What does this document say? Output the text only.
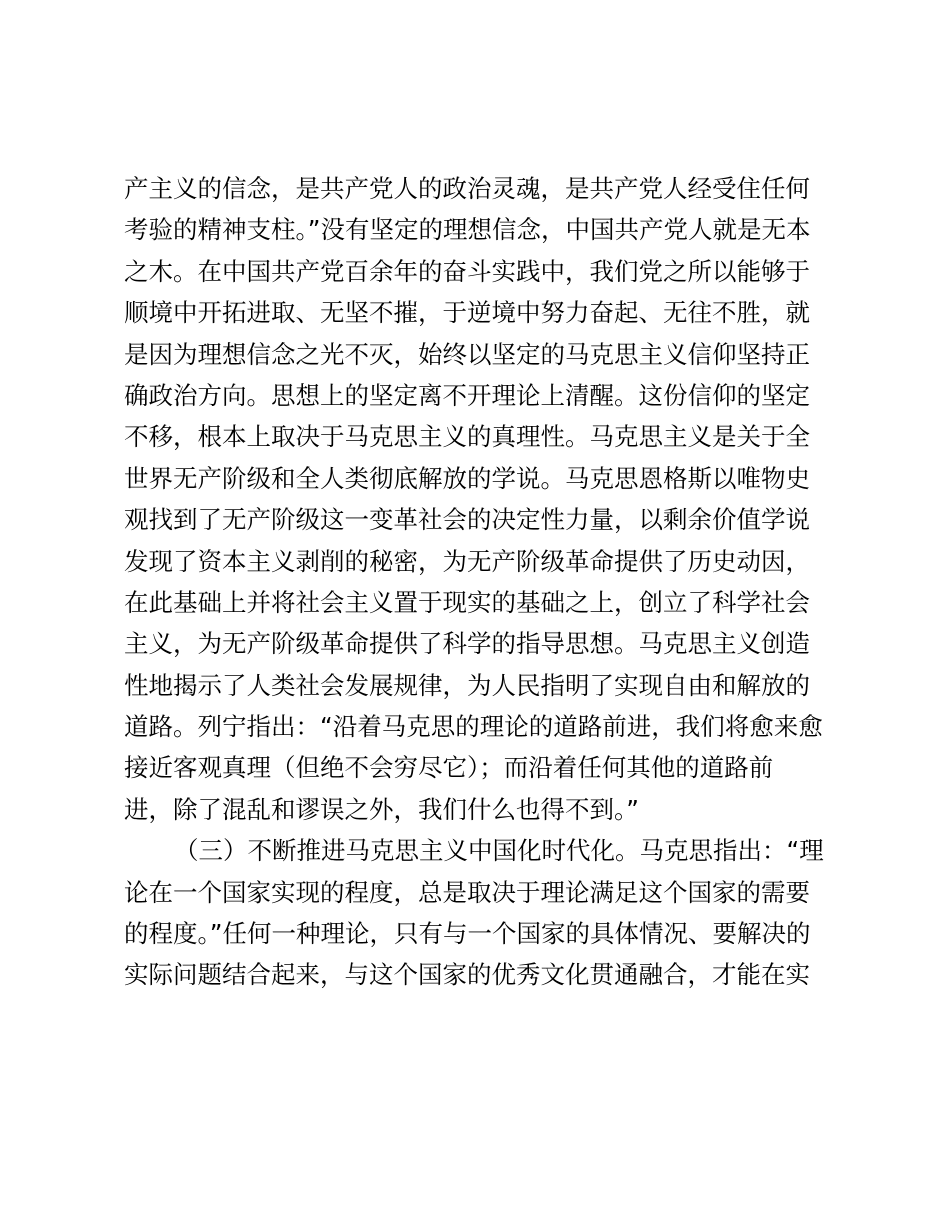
产主义的信念，是共产党人的政治灵魂，是共产党人经受住任何
考验的精神支柱。”没有坚定的理想信念，中国共产党人就是无本
之木。在中国共产党百余年的奋斗实践中，我们党之所以能够于
顺境中开拓进取、无坚不摧，于逆境中努力奋起、无往不胜，就
是因为理想信念之光不灭，始终以坚定的马克思主义信仰坚持正
确政治方向。思想上的坚定离不开理论上清醒。这份信仰的坚定
不移，根本上取决于马克思主义的真理性。马克思主义是关于全
世界无产阶级和全人类彻底解放的学说。马克思恩格斯以唯物史
观找到了无产阶级这一变革社会的决定性力量，以剩余价值学说
发现了资本主义剥削的秘密，为无产阶级革命提供了历史动因，
在此基础上并将社会主义置于现实的基础之上，创立了科学社会
主义，为无产阶级革命提供了科学的指导思想。马克思主义创造
性地揭示了人类社会发展规律，为人民指明了实现自由和解放的
道路。列宁指出：“沿着马克思的理论的道路前进，我们将愈来愈
接近客观真理（但绝不会穷尽它）；而沿着任何其他的道路前
进，除了混乱和谬误之外，我们什么也得不到。”
（三）不断推进马克思主义中国化时代化。马克思指出：“理
论在一个国家实现的程度，总是取决于理论满足这个国家的需要
的程度。”任何一种理论，只有与一个国家的具体情况、要解决的
实际问题结合起来，与这个国家的优秀文化贯通融合，才能在实
